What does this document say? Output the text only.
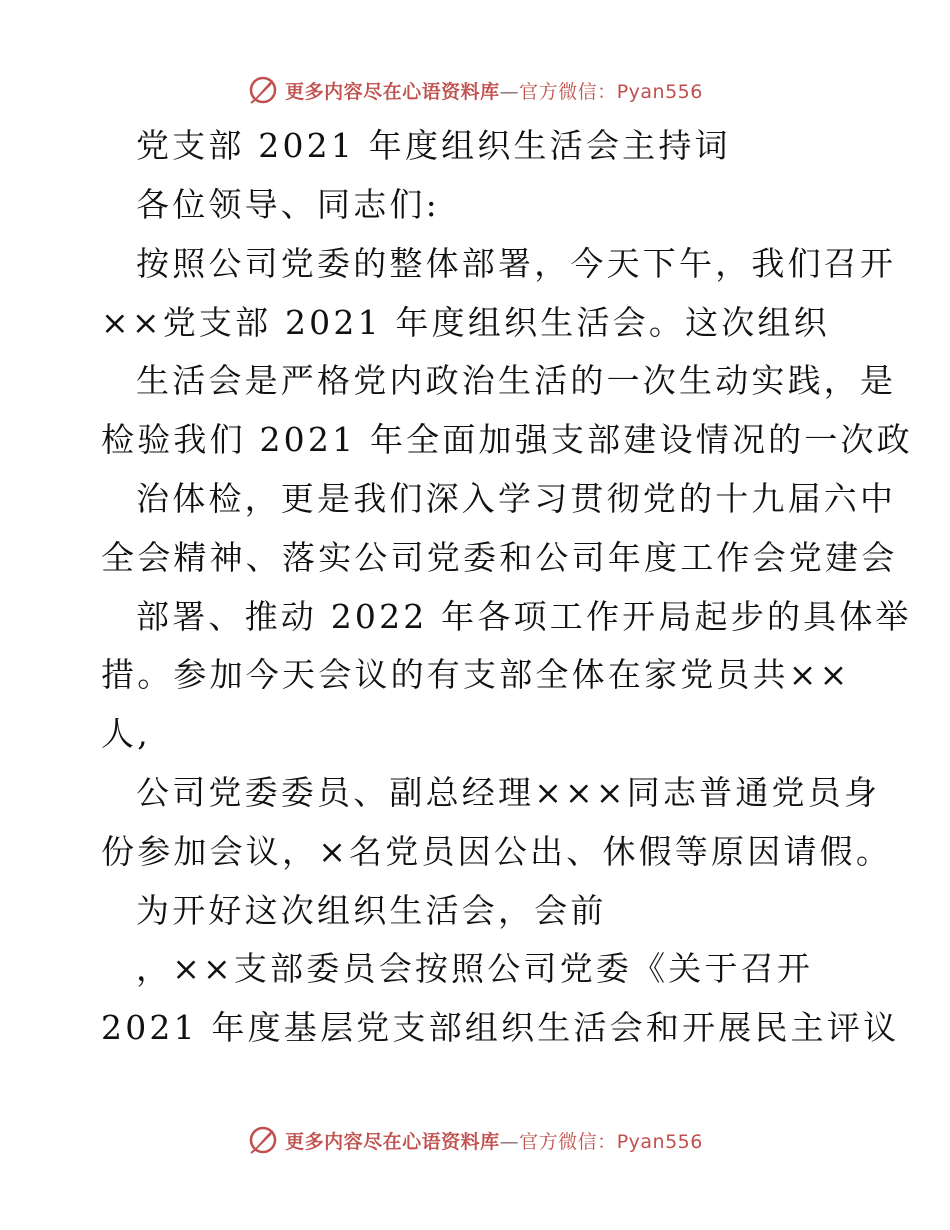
更多内容尽在心语资料库—官方微信：Pyan556
党支部 2021 年度组织生活会主持词
各位领导、同志们:
按照公司党委的整体部署，今天下午，我们召开
××党支部 2021 年度组织生活会。这次组织
生活会是严格党内政治生活的一次生动实践，是
检验我们 2021 年全面加强支部建设情况的一次政
治体检，更是我们深入学习贯彻党的十九届六中
全会精神、落实公司党委和公司年度工作会党建会
部署、推动 2022 年各项工作开局起步的具体举
措。参加今天会议的有支部全体在家党员共××
人,
公司党委委员、副总经理×××同志普通党员身
份参加会议，×名党员因公出、休假等原因请假。
为开好这次组织生活会，会前
，××支部委员会按照公司党委《关于召开
2021 年度基层党支部组织生活会和开展民主评议
更多内容尽在心语资料库—官方微信：Pyan556
